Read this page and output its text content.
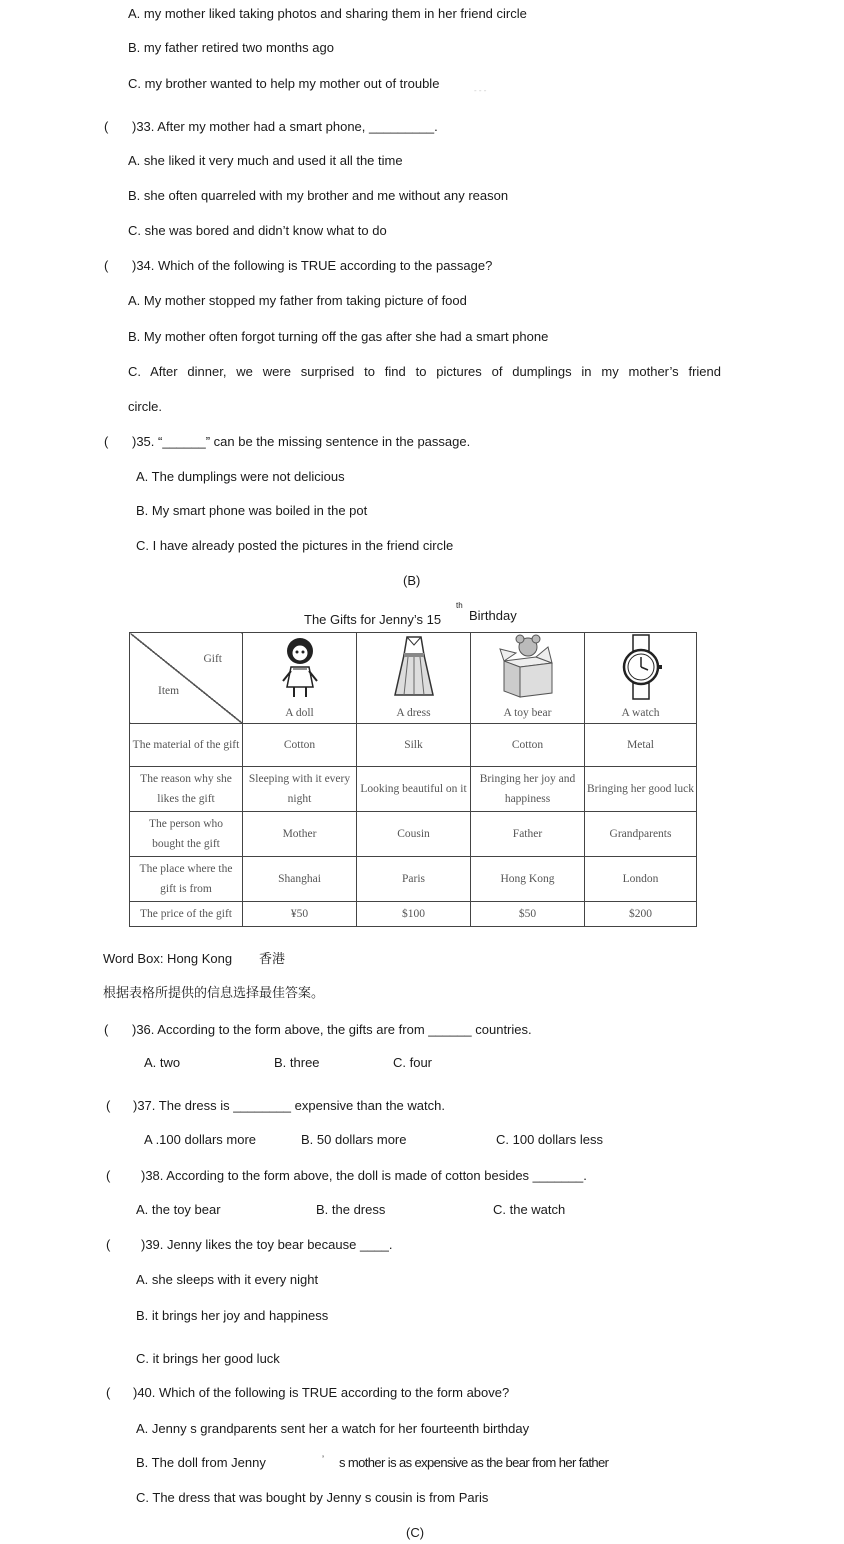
A. my mother liked taking photos and sharing them in her friend circle
B. my father retired two months ago
C. my brother wanted to help my mother out of trouble	- - -
( )33. After my mother had a smart phone, _________.
A. she liked it very much and used it all the time
B. she often quarreled with my brother and me without any reason
C. she was bored and didn’t know what to do
( )34. Which of the following is TRUE according to the passage?
A. My mother stopped my father from taking picture of food
B. My mother often forgot turning off the gas after she had a smart phone
C. After dinner, we were surprised to find to pictures of dumplings in my mother’s friend
circle.
( )35. “______” can be the missing sentence in the passage.
A. The dumplings were not delicious
B. My smart phone was boiled in the pot
C. I have already posted the pictures in the friend circle
(B)
The Gifts for Jenny’s 15
th
Birthday
Gift
Item	A doll	A dress	A toy bear	A watch
The material of the gift	Cotton	Silk	Cotton	Metal
The reason why she likes the gift	Sleeping with it every night	Looking beautiful on it	Bringing her joy and happiness	Bringing her good luck
The person who bought the gift	Mother	Cousin	Father	Grandparents
The place where the gift is from	Shanghai	Paris	Hong Kong	London
The price of the gift	¥50	$100	$50	$200
Word Box: Hong Kong 香港
根据表格所提供的信息选择最佳答案。
( )36. According to the form above, the gifts are from ______ countries.
A. two	B. three	C. four
( )37. The dress is ________ expensive than the watch.
A .100 dollars more	B. 50 dollars more	C. 100 dollars less
( )38. According to the form above, the doll is made of cotton besides _______.
A. the toy bear	B. the dress	C. the watch
( )39. Jenny likes the toy bear because ____.
A. she sleeps with it every night
B. it brings her joy and happiness
C. it brings her good luck
( )40. Which of the following is TRUE according to the form above?
A. Jenny s grandparents sent her a watch for her fourteenth birthday
B. The doll from Jenny	’ s mother is as expensive as the bear from her father
C. The dress that was bought by Jenny s cousin is from Paris
(C)
